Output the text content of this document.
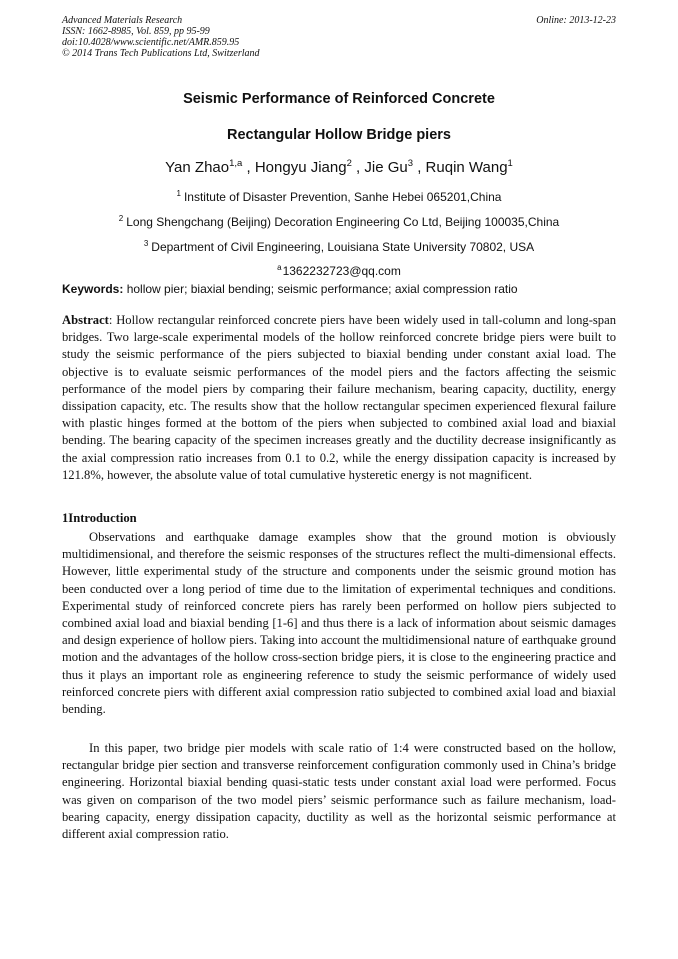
Advanced Materials Research
ISSN: 1662-8985, Vol. 859, pp 95-99
doi:10.4028/www.scientific.net/AMR.859.95
© 2014 Trans Tech Publications Ltd, Switzerland
Online: 2013-12-23
Seismic Performance of Reinforced Concrete
Rectangular Hollow Bridge piers
Yan Zhao$^{1,a}$ , Hongyu Jiang$^2$ , Jie Gu$^3$ , Ruqin Wang$^1$
$^1$ Institute of Disaster Prevention, Sanhe Hebei 065201,China
$^2$ Long Shengchang (Beijing) Decoration Engineering Co Ltd, Beijing 100035,China
$^3$ Department of Civil Engineering, Louisiana State University 70802, USA
$^a$1362232723@qq.com
Keywords: hollow pier; biaxial bending; seismic performance; axial compression ratio

Abstract: Hollow rectangular reinforced concrete piers have been widely used in tall-column and long-span bridges. Two large-scale experimental models of the hollow reinforced concrete bridge piers were built to study the seismic performance of the piers subjected to biaxial bending under constant axial load. The objective is to evaluate seismic performances of the model piers and the factors affecting the seismic performance of the model piers by comparing their failure mechanism, bearing capacity, ductility, energy dissipation capacity, etc. The results show that the hollow rectangular specimen experienced flexural failure with plastic hinges formed at the bottom of the piers when subjected to combined axial load and biaxial bending. The bearing capacity of the specimen increases greatly and the ductility decrease insignificantly as the axial compression ratio increases from 0.1 to 0.2, while the energy dissipation capacity is increased by 121.8%, however, the absolute value of total cumulative hysteretic energy is not magnificent.

1Introduction

Observations and earthquake damage examples show that the ground motion is obviously multidimensional, and therefore the seismic responses of the structures reflect the multi-dimensional effects. However, little experimental study of the structure and components under the seismic ground motion has been conducted over a long period of time due to the limitation of experimental techniques and conditions. Experimental study of reinforced concrete piers has rarely been performed on hollow piers subjected to combined axial load and biaxial bending [1-6] and thus there is a lack of information about seismic damages and design experience of hollow piers. Taking into account the multidimensional nature of earthquake ground motion and the advantages of the hollow cross-section bridge piers, it is close to the engineering practice and thus it plays an important role as engineering reference to study the seismic performance of widely used reinforced concrete piers with different axial compression ratio subjected to combined axial load and biaxial bending.

In this paper, two bridge pier models with scale ratio of 1:4 were constructed based on the hollow, rectangular bridge pier section and transverse reinforcement configuration commonly used in China’s bridge engineering. Horizontal biaxial bending quasi-static tests under constant axial load were performed. Focus was given on comparison of the two model piers’ seismic performance such as failure mechanism, load-bearing capacity, energy dissipation capacity, ductility as well as the horizontal seismic performance at different axial compression ratio.
